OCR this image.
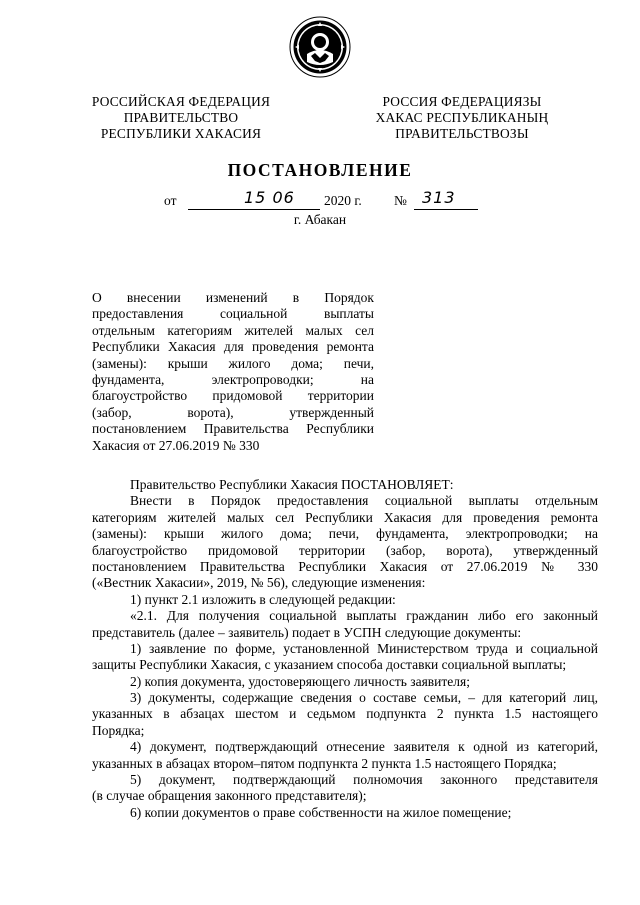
РОССИЙСКАЯ ФЕДЕРАЦИЯ
ПРАВИТЕЛЬСТВО
РЕСПУБЛИКИ ХАКАСИЯ
РОССИЯ ФЕДЕРАЦИЯЗЫ
ХАКАС РЕСПУБЛИКАНЫҢ
ПРАВИТЕЛЬСТВОЗЫ
ПОСТАНОВЛЕНИЕ
от	15 06 2020 г. № 313
г. Абакан
О внесении изменений в Порядок
предоставления социальной выплаты
отдельным категориям жителей малых сел
Республики Хакасия для проведения ремонта
(замены): крыши жилого дома; печи,
фундамента, электропроводки; на
благоустройство придомовой территории
(забор, ворота), утвержденный
постановлением Правительства Республики
Хакасия от 27.06.2019 № 330
Правительство Республики Хакасия ПОСТАНОВЛЯЕТ:
Внести в Порядок предоставления социальной выплаты отдельным
категориям жителей малых сел Республики Хакасия для проведения ремонта
(замены): крыши жилого дома; печи, фундамента, электропроводки; на
благоустройство придомовой территории (забор, ворота), утвержденный
постановлением Правительства Республики Хакасия от 27.06.2019 № 330
(«Вестник Хакасии», 2019, № 56), следующие изменения:
1) пункт 2.1 изложить в следующей редакции:
«2.1. Для получения социальной выплаты гражданин либо его законный
представитель (далее – заявитель) подает в УСПН следующие документы:
1) заявление по форме, установленной Министерством труда и социальной
защиты Республики Хакасия, с указанием способа доставки социальной выплаты;
2) копия документа, удостоверяющего личность заявителя;
3) документы, содержащие сведения о составе семьи, – для категорий лиц,
указанных в абзацах шестом и седьмом подпункта 2 пункта 1.5 настоящего
Порядка;
4) документ, подтверждающий отнесение заявителя к одной из категорий,
указанных в абзацах втором–пятом подпункта 2 пункта 1.5 настоящего Порядка;
5) документ, подтверждающий полномочия законного представителя
(в случае обращения законного представителя);
6) копии документов о праве собственности на жилое помещение;
